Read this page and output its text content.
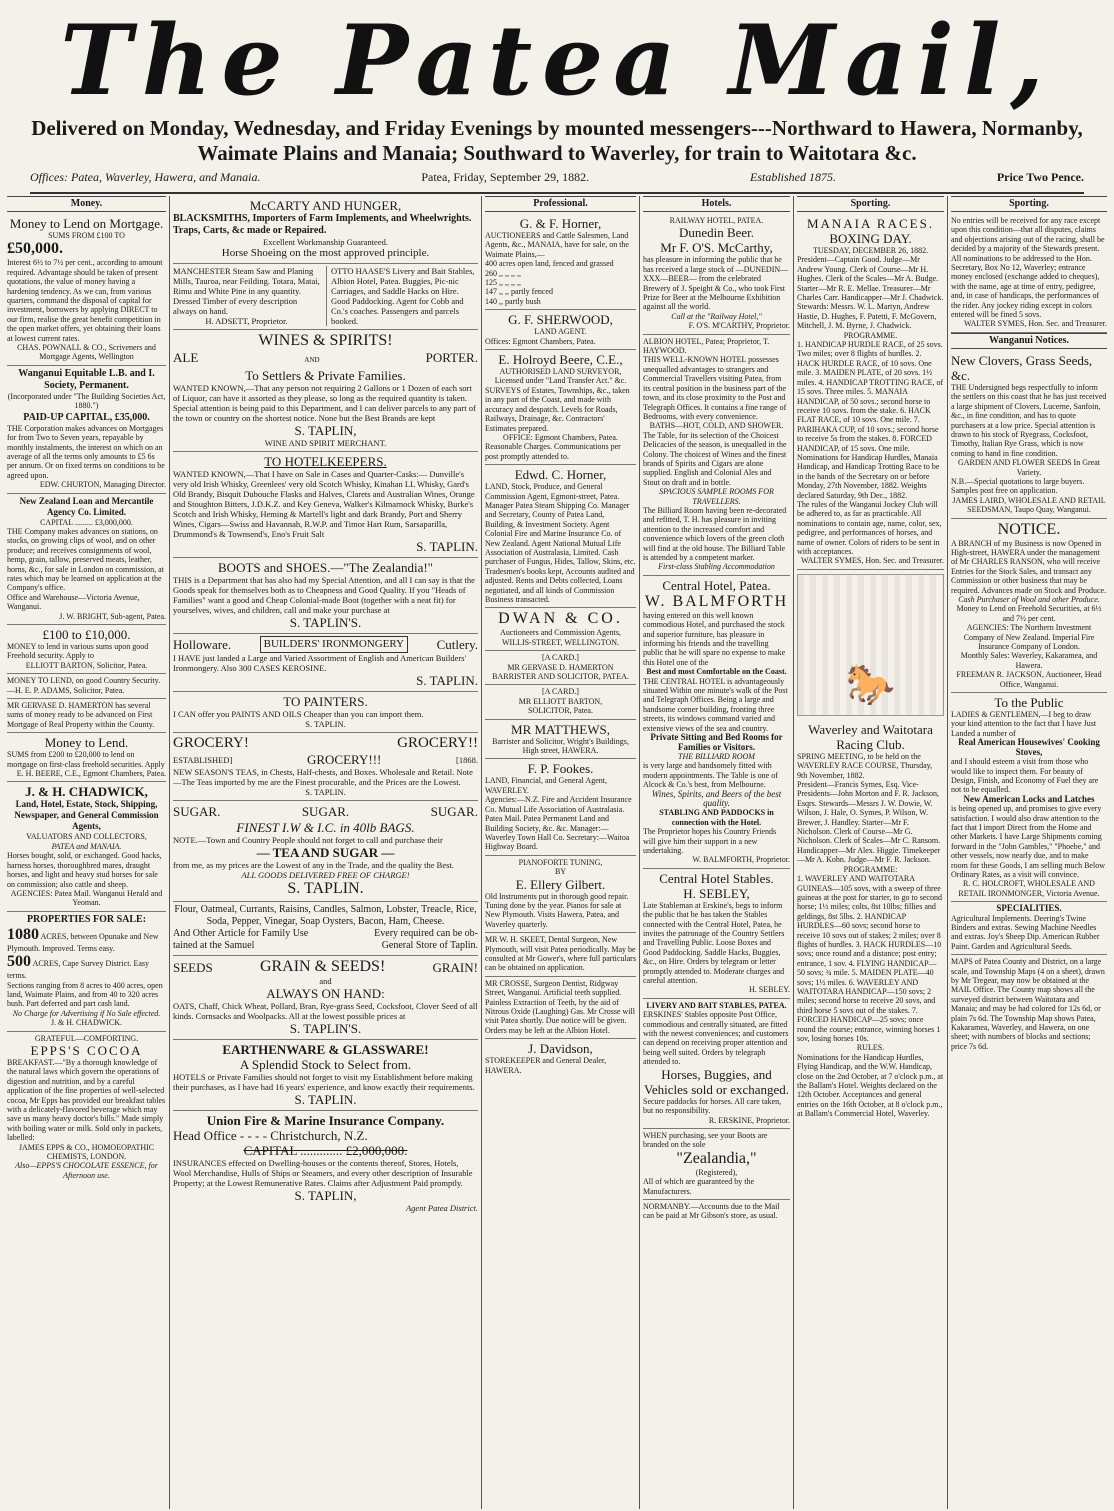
The Patea Mail,
Delivered on Monday, Wednesday, and Friday Evenings by mounted messengers---Northward to Hawera, Normanby, Waimate Plains and Manaia; Southward to Waverley, for train to Waitotara &c.
Offices: Patea, Waverley, Hawera, and Manaia.	Patea, Friday, September 29, 1882.	Established 1875.	Price Two Pence.
Money.
Money to Lend on Mortgage.
SUMS FROM £100 TO
£50,000.
Interest 6½ to 7½ per cent., according to amount required. Advantage should be taken of present quotations, the value of money having a hardening tendency. As we can, from various quarters, command the disposal of capital for investment, borrowers by applying DIRECT to our firm, realise the great benefit competition in the open market offers, yet obtaining their loans at lowest current rates.
CHAS. POWNALL & CO., Scriveners and Mortgage Agents, Wellington
Wanganui Equitable L.B. and I. Society, Permanent.
(Incorporated under "The Building Societies Act, 1880.")
PAID-UP CAPITAL, £35,000.
THE Corporation makes advances on Mortgages for from Two to Seven years, repayable by monthly instalments, the interest on which on an average of all the terms only amounts to £5 6s per annum. Or on fixed terms on conditions to be agreed upon.
EDW. CHURTON, Managing Director.
New Zealand Loan and Mercantile Agency Co. Limited.
CAPITAL ......... £3,000,000.
THE Company makes advances on stations, on stocks, on growing clips of wool, and on other produce; and receives consignments of wool, hemp, grain, tallow, preserved meats, leather, horns, &c., for sale in London on commission, at rates which may be learned on application at the Company's office.
Office and Warehouse—Victoria Avenue, Wanganui.
J. W. BRIGHT, Sub-agent, Patea.
£100 to £10,000.
MONEY to lend in various sums upon good Freehold security. Apply to
ELLIOTT BARTON, Solicitor, Patea.
MONEY TO LEND, on good Country Security.—H. E. P. ADAMS, Solicitor, Patea.
MR GERVASE D. HAMERTON has several sums of money ready to be advanced on First Mortgage of Real Property within the County.
Money to Lend.
SUMS from £200 to £20,000 to lend on mortgage on first-class freehold securities. Apply
E. H. BEERE, C.E., Egmont Chambers, Patea.
J. & H. CHADWICK,
Land, Hotel, Estate, Stock, Shipping, Newspaper, and General Commission Agents,
VALUATORS AND COLLECTORS,
PATEA and MANAIA.
Horses bought, sold, or exchanged. Good hacks, harness horses, thoroughbred mares, draught horses, and light and heavy stud horses for sale on commission; also cattle and sheep.
AGENCIES: Patea Mail. Wanganui Herald and Yeoman.
PROPERTIES FOR SALE:
1080 ACRES, between Opunake and New Plymouth. Improved. Terms easy.
500 ACRES, Cape Survey District. Easy terms.
Sections ranging from 8 acres to 400 acres, open land, Waimate Plains, and from 40 to 320 acres bush. Part deferred and part cash land.
No Charge for Advertising if No Sale effected.
J. & H. CHADWICK.
GRATEFUL—COMFORTING.
EPPS'S COCOA
BREAKFAST.—"By a thorough knowledge of the natural laws which govern the operations of digestion and nutrition, and by a careful application of the fine properties of well-selected cocoa, Mr Epps has provided our breakfast tables with a delicately-flavored beverage which may save us many heavy doctor's bills." Made simply with boiling water or milk. Sold only in packets, labelled:
JAMES EPPS & CO., HOMOEOPATHIC CHEMISTS, LONDON.
Also—EPPS'S CHOCOLATE ESSENCE, for Afternoon use.
McCARTY AND HUNGER,
BLACKSMITHS, Importers of Farm Implements, and Wheelwrights. Traps, Carts, &c made or Repaired.
Excellent Workmanship Guaranteed.
Horse Shoeing on the most approved principle.
MANCHESTER Steam Saw and Planing Mills, Tauroa, near Feilding. Totara, Matai, Rimu and White Pine in any quantity. Dressed Timber of every description always on hand.
H. ADSETT, Proprietor.
OTTO HAASE'S Livery and Bait Stables, Albion Hotel, Patea. Buggies, Pic-nic Carriages, and Saddle Hacks on Hire. Good Paddocking. Agent for Cobb and Co.'s coaches. Passengers and parcels booked.
WINES & SPIRITS!
ALE	AND	PORTER.
To Settlers & Private Families.
WANTED KNOWN,—That any person not requiring 2 Gallons or 1 Dozen of each sort of Liquor, can have it assorted as they please, so long as the required quantity is taken. Special attention is being paid to this Department, and I can deliver parcels to any part of the town or country on the shortest notice. None but the Best Brands are kept
S. TAPLIN,
WINE AND SPIRIT MERCHANT.
TO HOTELKEEPERS.
WANTED KNOWN,—That I have on Sale in Cases and Quarter-Casks:— Dunville's very old Irish Whisky, Greenlees' very old Scotch Whisky, Kinahan LL Whisky, Gard's Old Brandy, Bisquit Dubouche Flasks and Halves, Clarets and Australian Wines, Orange and Stoughton Bitters, J.D.K.Z. and Key Geneva, Walker's Kilmarnock Whisky, Burke's Scotch and Irish Whisky, Heming & Martell's light and dark Brandy, Port and Sherry Wines, Cigars—Swiss and Havannah, R.W.P. and Timor Hart Rum, Sarsaparilla, Drummond's & Townsend's, Eno's Fruit Salt
S. TAPLIN.
BOOTS and SHOES.—"The Zealandia!"
THIS is a Department that has also had my Special Attention, and all I can say is that the Goods speak for themselves both as to Cheapness and Good Quality. If you "Heads of Families" want a good and Cheap Colonial-made Boot (together with a neat fit) for yourselves, wives, and children, call and make your purchase at
S. TAPLIN'S.
Holloware.	BUILDERS' IRONMONGERY	Cutlery.
I HAVE just landed a Large and Varied Assortment of English and American Builders' Ironmongery. Also 300 CASES KEROSINE.
S. TAPLIN.
TO PAINTERS.
I CAN offer you PAINTS AND OILS Cheaper than you can import them.
S. TAPLIN.
GROCERY!	GROCERY!!
ESTABLISHED]	GROCERY!!!	[1868.
NEW SEASON'S TEAS, in Chests, Half-chests, and Boxes. Wholesale and Retail. Note—The Teas imported by me are the Finest procurable, and the Prices are the Lowest.
S. TAPLIN.
SUGAR.	SUGAR.	SUGAR.
FINEST I.W & I.C. in 40lb BAGS.
NOTE.—Town and Country People should not forget to call and purchase their
— TEA AND SUGAR —
from me, as my prices are the Lowest of any in the Trade, and the quality the Best.
ALL GOODS DELIVERED FREE OF CHARGE!
S. TAPLIN.
Flour, Oatmeal, Currants, Raisins, Candles, Salmon, Lobster, Treacle, Rice, Soda, Pepper, Vinegar, Soap Oysters, Bacon, Ham, Cheese.
And Other Article for Family Use tained at the Samuel
Every required can be ob- General Store of Taplin.
SEEDS	GRAIN & SEEDS!	GRAIN!
and
ALWAYS ON HAND:
OATS, Chaff, Chick Wheat, Pollard, Bran, Rye-grass Seed, Cocksfoot, Clover Seed of all kinds. Cornsacks and Woolpacks. All at the lowest possible prices at
S. TAPLIN'S.
EARTHENWARE & GLASSWARE!
A Splendid Stock to Select from.
HOTELS or Private Families should not forget to visit my Establishment before making their purchases, as I have had 16 years' experience, and know exactly their requirements.
S. TAPLIN.
Union Fire & Marine Insurance Company.
Head Office - - - - Christchurch, N.Z.
CAPITAL ............. £2,000,000.
INSURANCES effected on Dwelling-houses or the contents thereof, Stores, Hotels, Wool Merchandise, Hulls of Ships or Steamers, and every other description of Insurable Property; at the Lowest Remunerative Rates. Claims after Adjustment Paid promptly.
S. TAPLIN,
Agent Patea District.
Professional.
G. & F. Horner,
AUCTIONEERS and Cattle Salesmen, Land Agents, &c., MANAIA, have for sale, on the Waimate Plains,—
400 acres open land, fenced and grassed
260 ,, ,, ,, ,,
125 ,, ,, ,, ,,
147 ,, ,, partly fenced
140 ,, partly bush
G. F. SHERWOOD,
LAND AGENT.
Offices: Egmont Chambers, Patea.
E. Holroyd Beere, C.E.,
AUTHORISED LAND SURVEYOR, Licensed under "Land Transfer Act." &c.
SURVEYS of Estates, Townships, &c., taken in any part of the Coast, and made with accuracy and despatch. Levels for Roads, Railways, Drainage, &c. Contractors' Estimates prepared.
OFFICE: Egmont Chambers, Patea.
Reasonable Charges. Communications per post promptly attended to.
Edwd. C. Horner,
LAND, Stock, Produce, and General Commission Agent, Egmont-street, Patea.
Manager Patea Steam Shipping Co. Manager and Secretary, County of Patea Land, Building, & Investment Society. Agent Colonial Fire and Marine Insurance Co. of New Zealand. Agent National Mutual Life Association of Australasia, Limited. Cash purchaser of Fungus, Hides, Tallow, Skins, etc. Tradesmen's books kept, Accounts audited and adjusted. Rents and Debts collected, Loans negotiated, and all kinds of Commission Business transacted.
DWAN & CO.
Auctioneers and Commission Agents, WILLIS-STREET, WELLINGTON.
[A CARD.]
MR GERVASE D. HAMERTON
BARRISTER AND SOLICITOR, PATEA.
[A CARD.]
MR ELLIOTT BARTON,
SOLICITOR, Patea.
MR MATTHEWS,
Barrister and Solicitor, Wright's Buildings, High street, HAWERA.
F. P. Fookes.
LAND, Financial, and General Agent, WAVERLEY.
Agencies:—N.Z. Fire and Accident Insurance Co. Mutual Life Association of Australasia. Patea Mail. Patea Permanent Land and Building Society, &c. &c. Manager:—Waverley Town Hall Co. Secretary:—Waitoa Highway Board.
PIANOFORTE TUNING,
BY
E. Ellery Gilbert.
Old Instruments put in thorough good repair. Tuning done by the year. Pianos for sale at New Plymouth. Visits Hawera, Patea, and Waverley quarterly.
MR W. H. SKEET, Dental Surgeon, New Plymouth, will visit Patea periodically. May be consulted at Mr Gower's, where full particulars can be obtained on application.
MR CROSSE, Surgeon Dentist, Ridgway Street, Wanganui. Artificial teeth supplied. Painless Extraction of Teeth, by the aid of Nitrous Oxide (Laughing) Gas. Mr Crosse will visit Patea shortly. Due notice will be given. Orders may be left at the Albion Hotel.
J. Davidson,
STOREKEEPER and General Dealer, HAWERA.
Hotels.
RAILWAY HOTEL, PATEA.
Dunedin Beer.
Mr F. O'S. McCarthy,
has pleasure in informing the public that he has received a large stock of —DUNEDIN—XXX—BEER— from the celebrated Brewery of J. Speight & Co., who took First Prize for Beer at the Melbourne Exhibition against all the world.
Call at the "Railway Hotel,"
F. O'S. M'CARTHY, Proprietor.
ALBION HOTEL, Patea; Proprietor, T. HAYWOOD.
THIS WELL-KNOWN HOTEL possesses unequalled advantages to strangers and Commercial Travellers visiting Patea, from its central position in the business part of the town, and its close proximity to the Post and Telegraph Offices. It contains a fine range of Bedrooms, with every convenience.
BATHS—HOT, COLD, AND SHOWER.
The Table, for its selection of the Choicest Delicacies of the season, is unequalled in the Colony. The choicest of Wines and the finest brands of Spirits and Cigars are alone supplied. English and Colonial Ales and Stout on draft and in bottle.
SPACIOUS SAMPLE ROOMS FOR TRAVELLERS.
The Billiard Room having been re-decorated and refitted, T. H. has pleasure in inviting attention to the increased comfort and convenience which lovers of the green cloth will find at the old house. The Billiard Table is attended by a competent marker.
First-class Stabling Accommodation
Central Hotel, Patea.
W. BALMFORTH
having entered on this well known commodious Hotel, and purchased the stock and superior furniture, has pleasure in informing his friends and the travelling public that he will spare no expense to make this Hotel one of the
Best and most Comfortable on the Coast.
THE CENTRAL HOTEL is advantageously situated Within one minute's walk of the Post and Telegraph Offices. Being a large and handsome corner building, fronting three streets, its windows command varied and extensive views of the sea and country.
Private Sitting and Bed Rooms for Families or Visitors.
THE BILLIARD ROOM
is very large and handsomely fitted with modern appointments. The Table is one of Alcock & Co.'s best, from Melbourne.
Wines, Spirits, and Beers of the best quality.
STABLING AND PADDOCKS in connection with the Hotel.
The Proprietor hopes his Country Friends will give him their support in a new undertaking.
W. BALMFORTH, Proprietor.
Central Hotel Stables.
H. SEBLEY,
Late Stableman at Erskine's, begs to inform the public that he has taken the Stables connected with the Central Hotel, Patea, he invites the patronage of the Country Settlers and Travelling Public. Loose Boxes and Good Paddocking. Saddle Hacks, Buggies, &c., on Hire. Orders by telegram or letter promptly attended to. Moderate charges and careful attention.
H. SEBLEY.
LIVERY AND BAIT STABLES, PATEA.
ERSKINES' Stables opposite Post Office, commodious and centrally situated, are fitted with the newest conveniences; and customers can depend on receiving proper attention and being well suited. Orders by telegraph attended to.
Horses, Buggies, and Vehicles sold or exchanged.
Secure paddocks for horses. All care taken, but no responsibility.
R. ERSKINE, Proprietor.
WHEN purchasing, see your Boots are branded on the sole
"Zealandia,"
(Registered),
All of which are guaranteed by the Manufacturers.
NORMANBY.—Accounts due to the Mail can be paid at Mr Gibson's store, as usual.
Sporting.
MANAIA RACES.
BOXING DAY.
TUESDAY, DECEMBER 26, 1882.
President—Captain Good. Judge—Mr Andrew Young. Clerk of Course—Mr H. Hughes. Clerk of the Scales—Mr A. Budge. Starter—Mr R. E. Mellae. Treasurer—Mr Charles Carr. Handicapper—Mr J. Chadwick.
Stewards: Messrs. W. L. Martyn, Andrew Hastie, D. Hughes, F. Patetti, F. McGovern, Mitchell, J. M. Byrne, J. Chadwick.
PROGRAMME.
1. HANDICAP HURDLE RACE, of 25 sovs. Two miles; over 8 flights of hurdles. 2. HACK HURDLE RACE, of 10 sovs. One mile. 3. MAIDEN PLATE, of 20 sovs. 1½ miles. 4. HANDICAP TROTTING RACE, of 15 sovs. Three miles. 5. MANAIA HANDICAP, of 50 sovs.; second horse to receive 10 sovs. from the stake. 6. HACK FLAT RACE, of 10 sovs. One mile. 7. PARIHAKA CUP, of 10 sovs.; second horse to receive 5s from the stakes. 8. FORCED HANDICAP, of 15 sovs. One mile.
Nominations for Handicap Hurdles, Manaia Handicap, and Handicap Trotting Race to be in the hands of the Secretary on or before Monday, 27th November, 1882. Weights declared Saturday, 9th Dec., 1882.
The rules of the Wanganui Jockey Club will be adhered to, as far as practicable. All nominations to contain age, name, color, sex, pedigree, and performances of horses, and name of owner. Colors of riders to be sent in with acceptances.
WALTER SYMES, Hon. Sec. and Treasurer.
🐎
Waverley and Waitotara Racing Club.
SPRING MEETING, to be held on the WAVERLEY RACE COURSE, Thursday, 9th November, 1882.
President—Francis Symes, Esq. Vice-Presidents—John Morton and F. R. Jackson, Esqrs. Stewards—Messrs J. W. Dowie, W. Wilson, J. Hale, O. Symes, P. Wilson, W. Brewer, J. Handley. Starter—Mr F. Nicholson. Clerk of Course—Mr G. Nicholson. Clerk of Scales—Mr C. Ransom. Handicapper—Mr Alex. Higgie. Timekeeper—Mr A. Kohn. Judge—Mr F. R. Jackson.
PROGRAMME:
1. WAVERLEY AND WAITOTARA GUINEAS—105 sovs, with a sweep of three guineas at the post for starter, to go to second horse; 1½ miles; colts, 8st 10lbs; fillies and geldings, 8st 5lbs. 2. HANDICAP HURDLES—60 sovs; second horse to receive 10 sovs out of stakes; 2 miles; over 8 flights of hurdles. 3. HACK HURDLES—10 sovs; once round and a distance; post entry; entrance, 1 sov. 4. FLYING HANDICAP—50 sovs; ¾ mile. 5. MAIDEN PLATE—40 sovs; 1½ miles. 6. WAVERLEY AND WAITOTARA HANDICAP—150 sovs; 2 miles; second horse to receive 20 sovs, and third horse 5 sovs out of the stakes. 7. FORCED HANDICAP—25 sovs; once round the course; entrance, winning horses 1 sov, losing horses 10s.
RULES.
Nominations for the Handicap Hurdles, Flying Handicap, and the W.W. Handicap, close on the 2nd October, at 7 o'clock p.m., at the Ballam's Hotel. Weights declared on the 12th October. Acceptances and general entries on the 16th October, at 8 o'clock p.m., at Ballam's Commercial Hotel, Waverley.
Sporting.
No entries will be received for any race except upon this condition—that all disputes, claims and objections arising out of the racing, shall be decided by a majority of the Stewards present. All nominations to be addressed to the Hon. Secretary, Box No 12, Waverley; entrance money enclosed (exchange added to cheques), with the name, age at time of entry, pedigree, and, in case of handicaps, the performances of the rider. Any jockey riding except in colors entered will be fined 5 sovs.
WALTER SYMES, Hon. Sec. and Treasurer.
Wanganui Notices.
New Clovers, Grass Seeds, &c.
THE Undersigned begs respectfully to inform the settlers on this coast that he has just received a large shipment of Clovers, Lucerne, Sanfoin, &c., in fine condition, and has to quote purchasers at a low price. Special attention is drawn to his stock of Ryegrass, Cocksfoot, Timothy, Italian Rye Grass, which is now coming to hand in fine condition.
GARDEN AND FLOWER SEEDS In Great Variety.
N.B.—Special quotations to large buyers. Samples post free on application.
JAMES LAIRD, WHOLESALE AND RETAIL SEEDSMAN, Taupo Quay, Wanganui.
NOTICE.
A BRANCH of my Business is now Opened in High-street, HAWERA under the management of Mr CHARLES RANSON, who will receive Entries for the Stock Sales, and transact any Commission or other business that may be required. Advances made on Stock and Produce.
Cash Purchaser of Wool and other Produce.
Money to Lend on Freehold Securities, at 6½ and 7½ per cent.
AGENCIES: The Northern Investment Company of New Zealand. Imperial Fire Insurance Company of London.
Monthly Sales: Waverley, Kakaramea, and Hawera.
FREEMAN R. JACKSON, Auctioneer, Head Office, Wanganui.
To the Public
LADIES & GENTLEMEN,—I beg to draw your kind attention to the fact that I have Just Landed a number of
Real American Housewives' Cooking Stoves,
and I should esteem a visit from those who would like to inspect them. For beauty of Design, Finish, and Economy of Fuel they are not to be equalled.
New American Locks and Latches
is being opened up, and promises to give every satisfaction. I would also draw attention to the fact that I import Direct from the Home and other Markets. I have Large Shipments coming forward in the "John Gambles," "Phoebe," and other vessels, now nearly due, and to make room for these Goods, I am selling much Below Ordinary Rates, as a visit will convince.
R. C. HOLCROFT, WHOLESALE AND RETAIL IRONMONGER, Victoria Avenue.
SPECIALITIES.
Agricultural Implements. Deering's Twine Binders and extras. Sewing Machine Needles and extras. Joy's Sheep Dip. American Rubber Paint. Garden and Agricultural Seeds.
MAPS of Patea County and District, on a large scale, and Township Maps (4 on a sheet), drawn by Mr Tregear, may now be obtained at the MAIL Office. The County map shows all the surveyed district between Waitotara and Manaia; and may be had colored for 12s 6d, or plain 7s 6d. The Township Map shows Patea, Kakaramea, Waverley, and Hawera, on one sheet; with numbers of blocks and sections; price 7s 6d.
